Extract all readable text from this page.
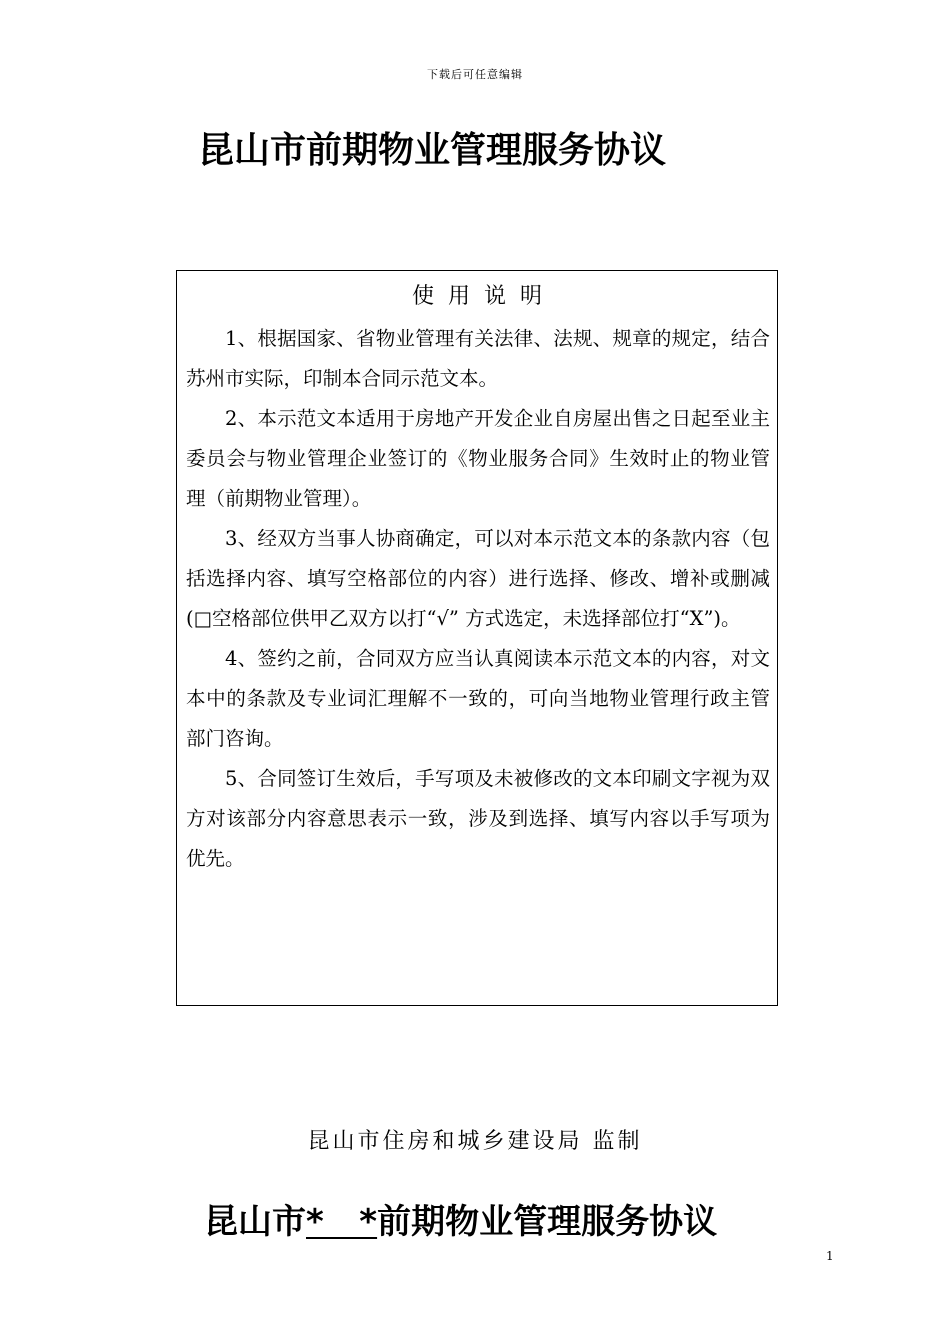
下载后可任意编辑
昆山市前期物业管理服务协议
使用说明

1、根据国家、省物业管理有关法律、法规、规章的规定，结合苏州市实际，印制本合同示范文本。

2、本示范文本适用于房地产开发企业自房屋出售之日起至业主委员会与物业管理企业签订的《物业服务合同》生效时止的物业管理（前期物业管理）。

3、经双方当事人协商确定，可以对本示范文本的条款内容（包括选择内容、填写空格部位的内容）进行选择、修改、增补或删减(□空格部位供甲乙双方以打“√” 方式选定，未选择部位打“X”)。

4、签约之前，合同双方应当认真阅读本示范文本的内容，对文本中的条款及专业词汇理解不一致的，可向当地物业管理行政主管部门咨询。

5、合同签订生效后，手写项及未被修改的文本印刷文字视为双方对该部分内容意思表示一致，涉及到选择、填写内容以手写项为优先。

昆山市住房和城乡建设局 监制
昆山市*   *前期物业管理服务协议
1
